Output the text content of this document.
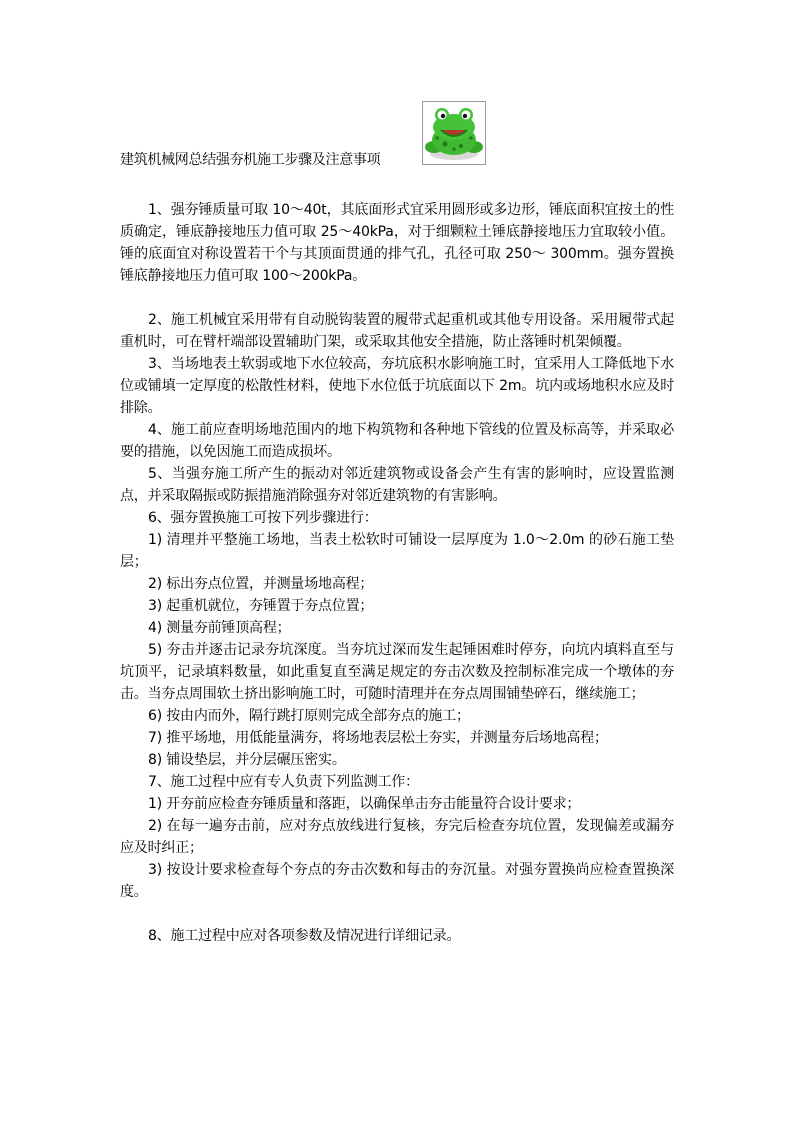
建筑机械网总结强夯机施工步骤及注意事项

1、强夯锤质量可取 10～40t，其底面形式宜采用圆形或多边形，锤底面积宜按土的性质确定，锤底静接地压力值可取 25～40kPa，对于细颗粒土锤底静接地压力宜取较小值。锤的底面宜对称设置若干个与其顶面贯通的排气孔，孔径可取 250～ 300mm。强夯置换锤底静接地压力值可取 100～200kPa。

2、施工机械宜采用带有自动脱钩装置的履带式起重机或其他专用设备。采用履带式起重机时，可在臂杆端部设置辅助门架，或采取其他安全措施，防止落锤时机架倾覆。

3、当场地表土软弱或地下水位较高，夯坑底积水影响施工时，宜采用人工降低地下水位或铺填一定厚度的松散性材料，使地下水位低于坑底面以下 2m。坑内或场地积水应及时排除。

4、施工前应查明场地范围内的地下构筑物和各种地下管线的位置及标高等，并采取必要的措施，以免因施工而造成损坏。

5、当强夯施工所产生的振动对邻近建筑物或设备会产生有害的影响时，应设置监测点，并采取隔振或防振措施消除强夯对邻近建筑物的有害影响。

6、强夯置换施工可按下列步骤进行：

1) 清理并平整施工场地，当表土松软时可铺设一层厚度为 1.0～2.0m 的砂石施工垫层；

2) 标出夯点位置，并测量场地高程；

3) 起重机就位，夯锤置于夯点位置；

4) 测量夯前锤顶高程；

5) 夯击并逐击记录夯坑深度。当夯坑过深而发生起锤困难时停夯，向坑内填料直至与坑顶平，记录填料数量，如此重复直至满足规定的夯击次数及控制标准完成一个墩体的夯击。当夯点周围软土挤出影响施工时，可随时清理并在夯点周围铺垫碎石，继续施工；

6) 按由内而外，隔行跳打原则完成全部夯点的施工；

7) 推平场地，用低能量满夯，将场地表层松土夯实，并测量夯后场地高程；

8) 铺设垫层，并分层碾压密实。

7、施工过程中应有专人负责下列监测工作：

1) 开夯前应检查夯锤质量和落距，以确保单击夯击能量符合设计要求；

2) 在每一遍夯击前，应对夯点放线进行复核，夯完后检查夯坑位置，发现偏差或漏夯应及时纠正；

3) 按设计要求检查每个夯点的夯击次数和每击的夯沉量。对强夯置换尚应检查置换深度。

8、施工过程中应对各项参数及情况进行详细记录。
